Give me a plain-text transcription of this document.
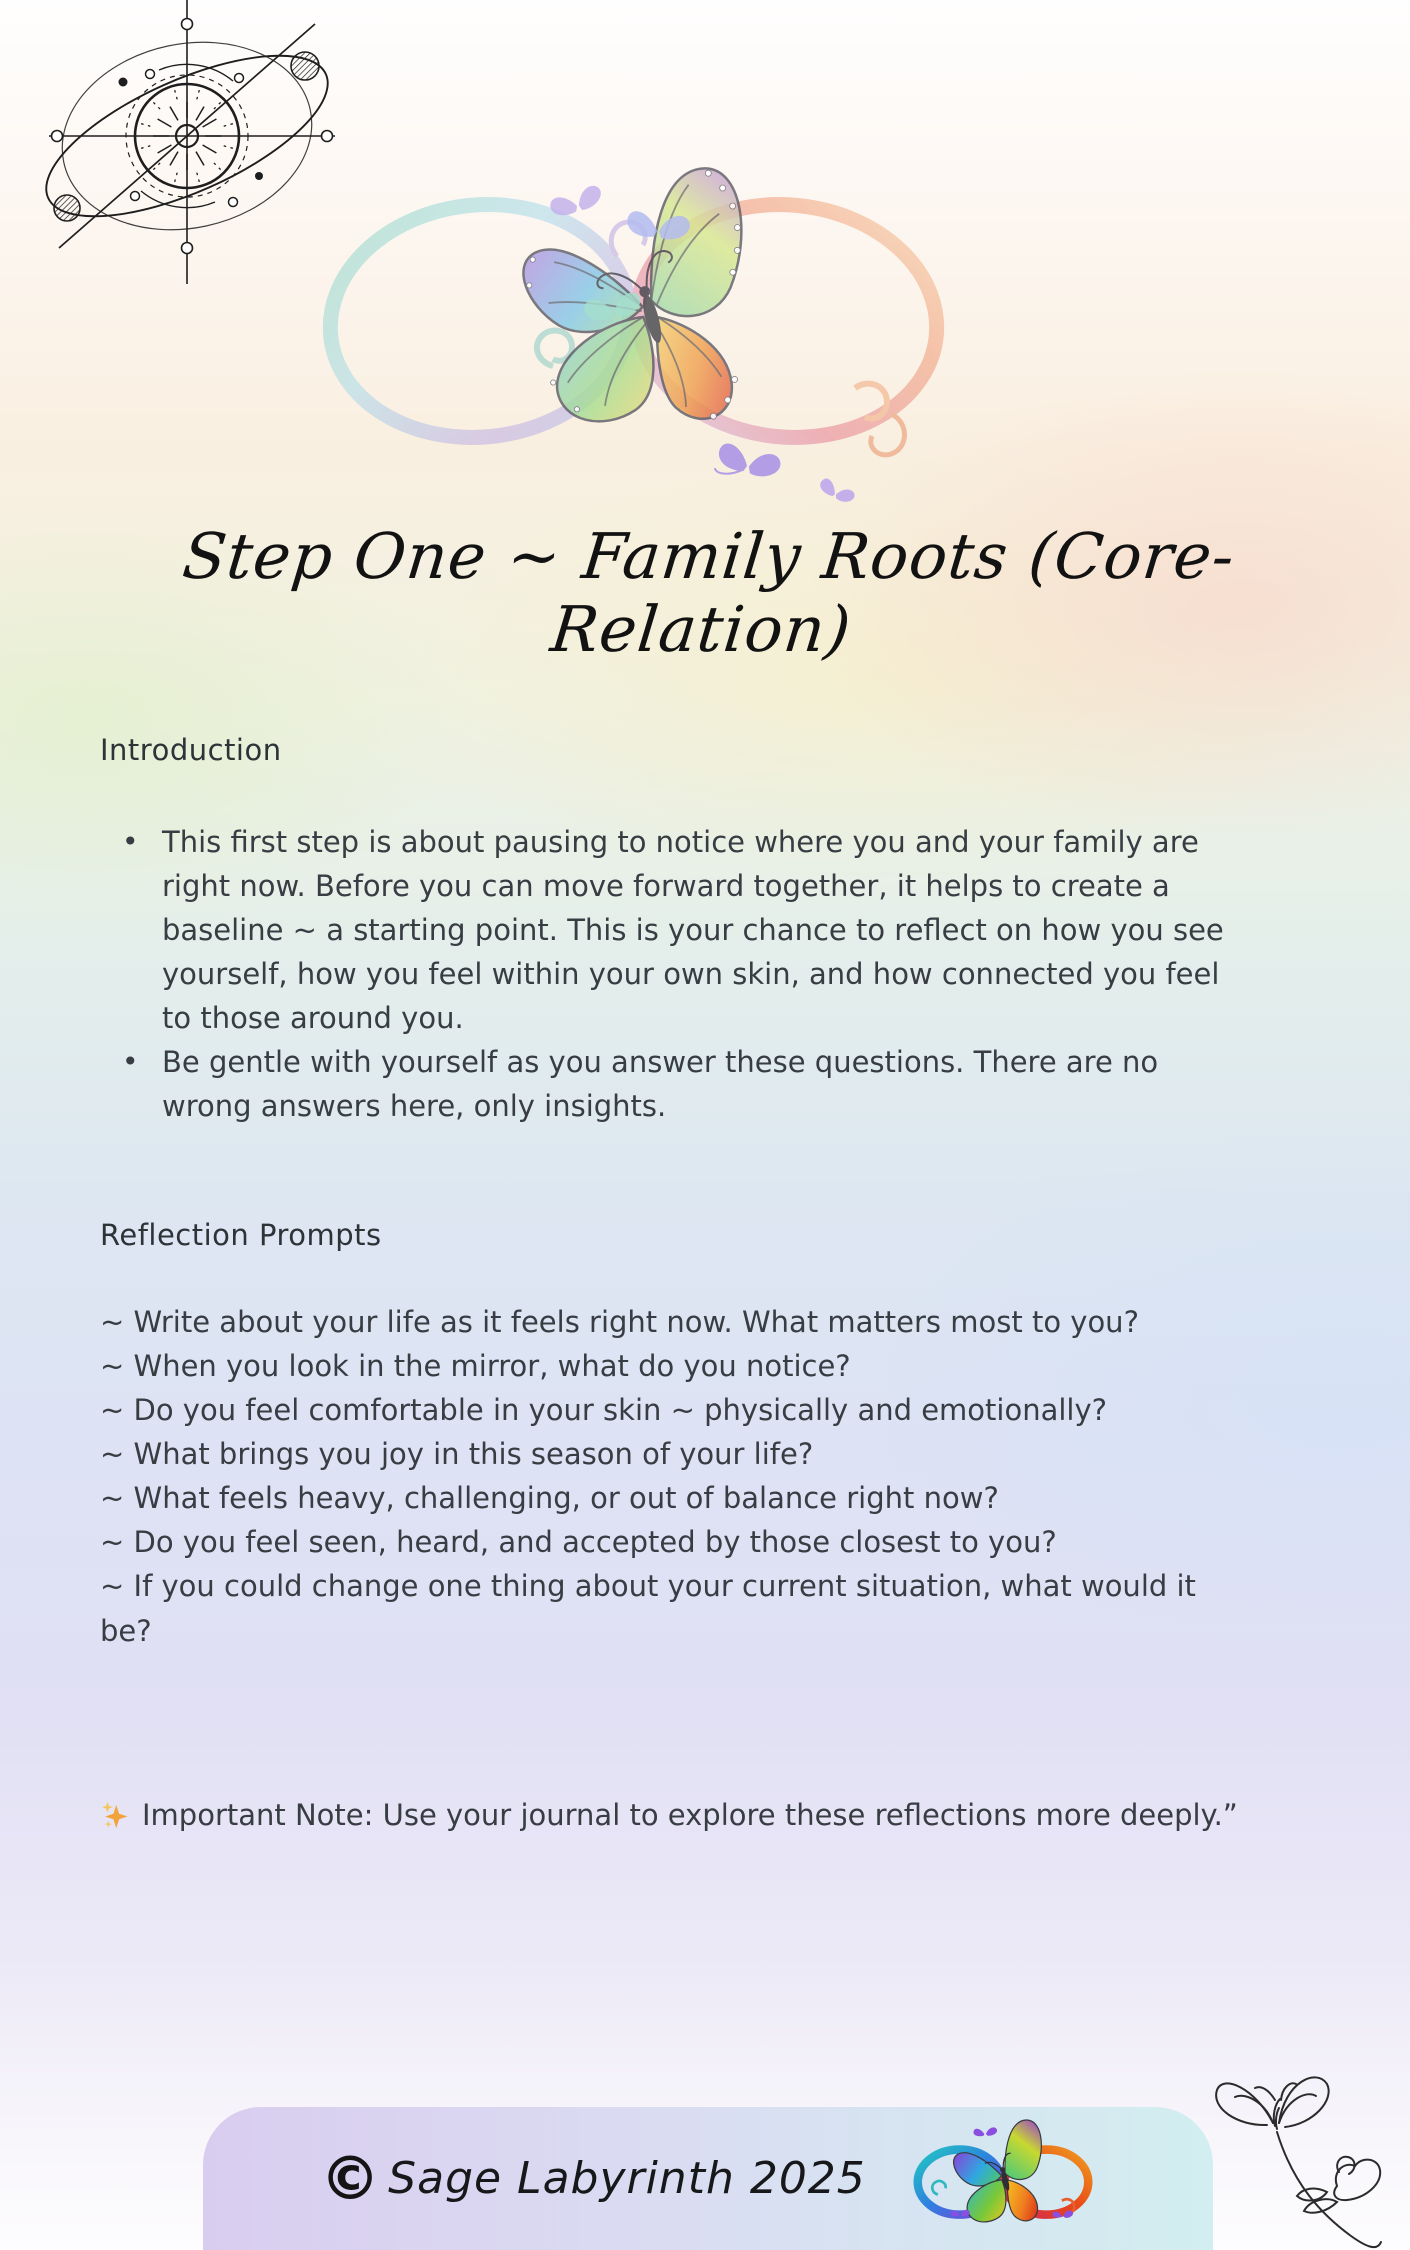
Step One ~ Family Roots (Core-
Relation)
Introduction
• This first step is about pausing to notice where you and your family are right now. Before you can move forward together, it helps to create a baseline ~ a starting point. This is your chance to reflect on how you see yourself, how you feel within your own skin, and how connected you feel to those around you.
• Be gentle with yourself as you answer these questions. There are no wrong answers here, only insights.
Reflection Prompts

~ Write about your life as it feels right now. What matters most to you?

~ When you look in the mirror, what do you notice?

~ Do you feel comfortable in your skin ~ physically and emotionally?

~ What brings you joy in this season of your life?

~ What feels heavy, challenging, or out of balance right now?

~ Do you feel seen, heard, and accepted by those closest to you?

~ If you could change one thing about your current situation, what would it be?

Important Note: Use your journal to explore these reflections more deeply.”

© Sage Labyrinth 2025
